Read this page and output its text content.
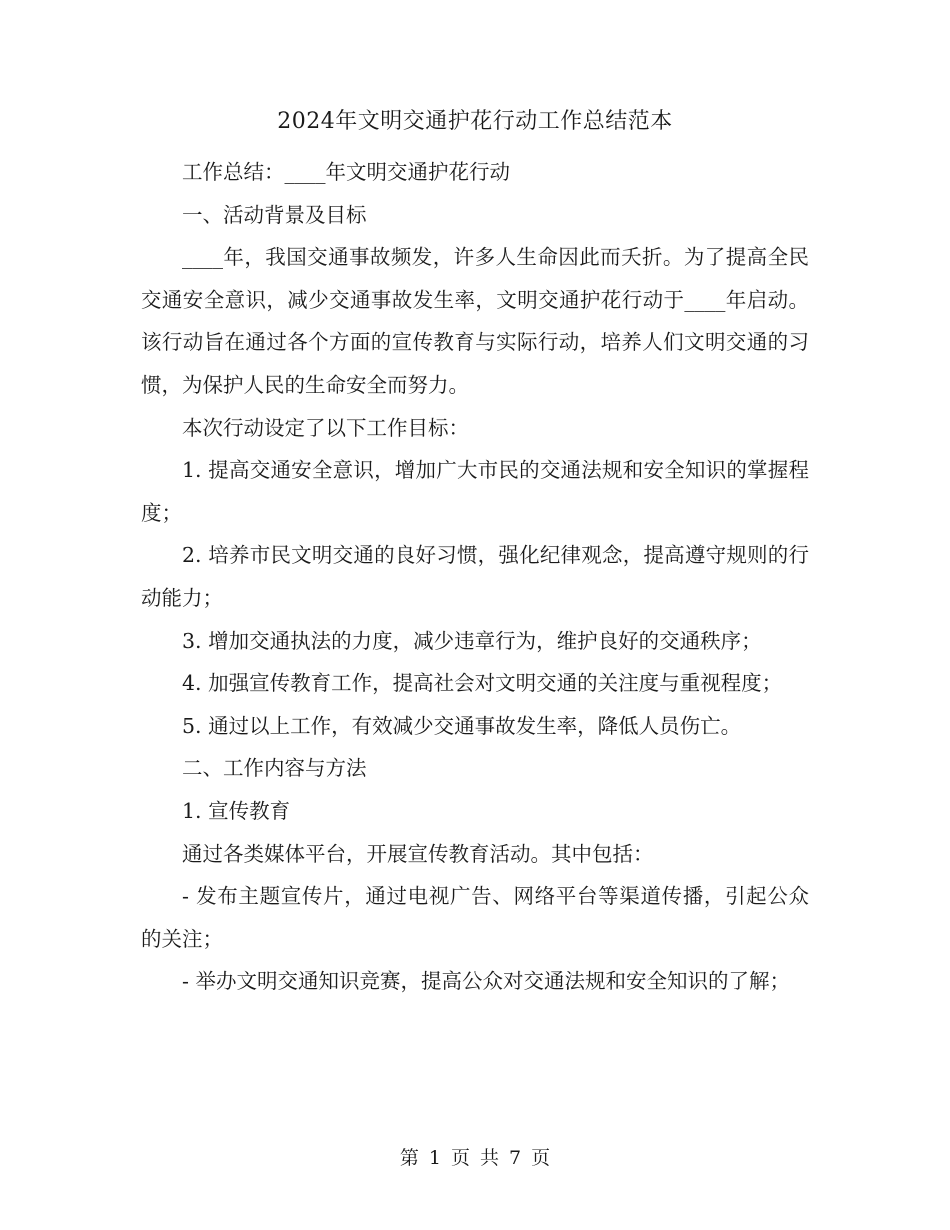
2024年文明交通护花行动工作总结范本

工作总结：____年文明交通护花行动

一、活动背景及目标

____年，我国交通事故频发，许多人生命因此而夭折。为了提高全民交通安全意识，减少交通事故发生率，文明交通护花行动于____年启动。该行动旨在通过各个方面的宣传教育与实际行动，培养人们文明交通的习惯，为保护人民的生命安全而努力。

本次行动设定了以下工作目标：

1. 提高交通安全意识，增加广大市民的交通法规和安全知识的掌握程度；

2. 培养市民文明交通的良好习惯，强化纪律观念，提高遵守规则的行动能力；

3. 增加交通执法的力度，减少违章行为，维护良好的交通秩序；

4. 加强宣传教育工作，提高社会对文明交通的关注度与重视程度；

5. 通过以上工作，有效减少交通事故发生率，降低人员伤亡。

二、工作内容与方法

1. 宣传教育

通过各类媒体平台，开展宣传教育活动。其中包括：

- 发布主题宣传片，通过电视广告、网络平台等渠道传播，引起公众的关注；

- 举办文明交通知识竞赛，提高公众对交通法规和安全知识的了解；

第 1 页 共 7 页
